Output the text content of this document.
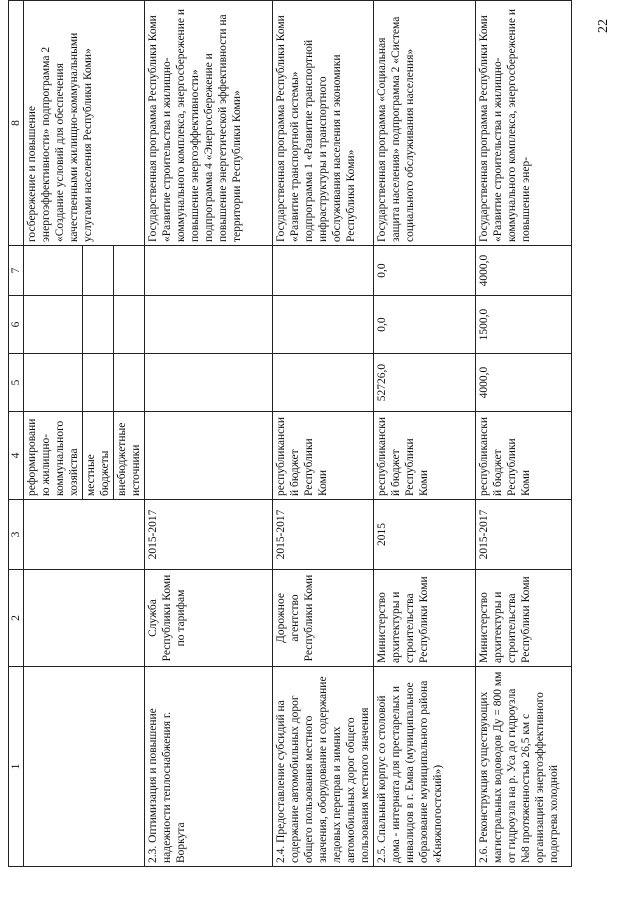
1	2	3	4	5	6	7	8
			реформированию жилищно-коммунального хозяйства				госбережение и повышение энергоэффективности» подпрограмма 2 «Создание условий для обеспечения качественными жилищно-коммунальными услугами населения Республики Коми»
			местные бюджеты				
			внебюджетные источники				
2.3. Оптимизация и повышение надежности теплоснабжения г. Воркута	Служба Республики Коми по тарифам	2015-2017					Государственная программа Республики Коми «Развитие строительства и жилищно-коммунального комплекса, энергосбережение и повышение энергоэффективности» подпрограмма 4 «Энергосбережение и повышение энергетической эффективности на территории Республики Коми»
2.4. Предоставление субсидий на содержание автомобильных дорог общего пользования местного значения, оборудование и содержание ледовых переправ и зимних автомобильных дорог общего пользования местного значения	Дорожное агентство Республики Коми	2015-2017	республиканский бюджет Республики Коми				Государственная программа Республики Коми «Развитие транспортной системы» подпрограмма 1 «Развитие транспортной инфраструктуры и транспортного обслуживания населения и экономики Республики Коми»
2.5. Спальный корпус со столовой дома - интерната для престарелых и инвалидов в г. Емва (муниципальное образование муниципального района «Княжпогостский»)	Министерство архитектуры и строительства Республики Коми	2015	республиканский бюджет Республики Коми	52726,0	0,0	0,0	Государственная программа «Социальная защита населения» подпрограмма 2 «Система социального обслуживания населения»
2.6. Реконструкция существующих магистральных водоводов Ду = 800 мм от гидроузла на р. Уса до гидроузла №8 протяженностью 26,5 км с организацией энергоэффективного подогрева холодной	Министерство архитектуры и строительства Республики Коми	2015-2017	республиканский бюджет Республики Коми	4000,0	1500,0	4000,0	Государственная программа Республики Коми «Развитие строительства и жилищно-коммунального комплекса, энергосбережение и повышение энер-
22
